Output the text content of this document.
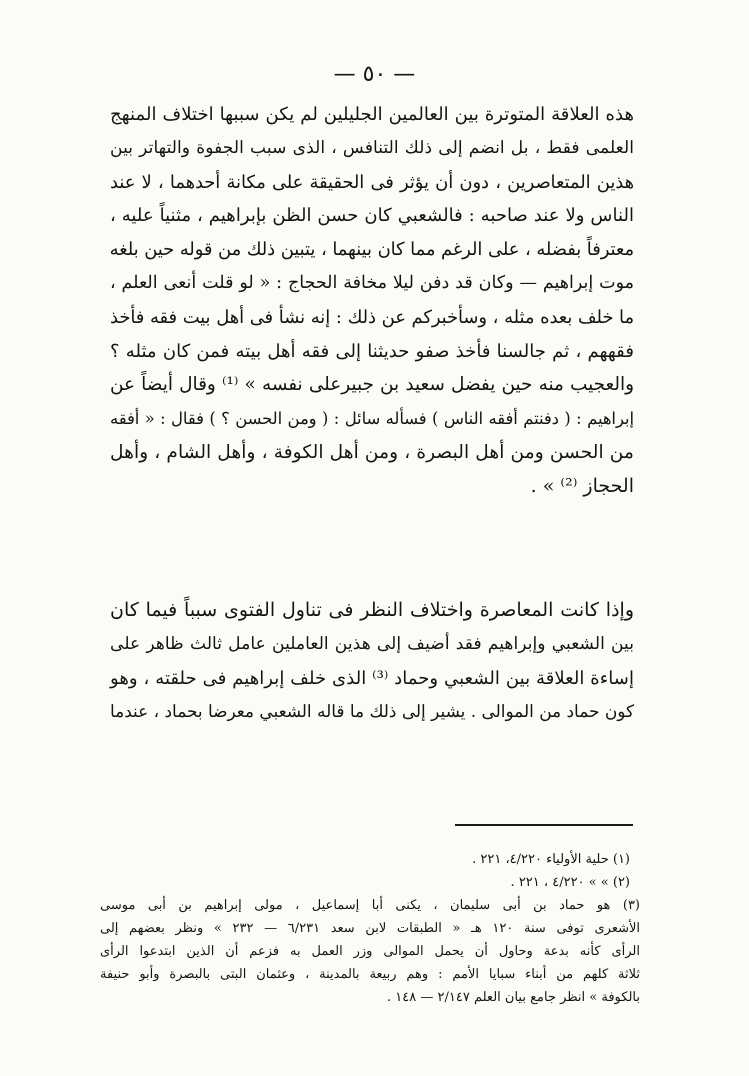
— ٥٠ —

هذه العلاقة المتوترة بين العالمين الجليلين لم يكن سببها اختلاف المنهج
العلمى فقط ، بل انضم إلى ذلك التنافس ، الذى سبب الجفوة والتهاتر بين
هذين المتعاصرين ، دون أن يؤثر فى الحقيقة على مكانة أحدهما ، لا عند
الناس ولا عند صاحبه : فالشعبي كان حسن الظن بإبراهيم ، مثنياً عليه ،
معترفاً بفضله ، على الرغم مما كان بينهما ، يتبين ذلك من قوله حين بلغه
موت إبراهيم — وكان قد دفن ليلا مخافة الحجاج : « لو قلت أنعى العلم ،
ما خلف بعده مثله ، وسأخبركم عن ذلك : إنه نشأ فى أهل بيت فقه فأخذ
فقههم ، ثم جالسنا فأخذ صفو حديثنا إلى فقه أهل بيته فمن كان مثله ؟
والعجيب منه حين يفضل سعيد بن جبيرعلى نفسه » ⁽¹⁾ وقال أيضاً عن
إبراهيم : ( دفنتم أفقه الناس ) فسأله سائل : ( ومن الحسن ؟ ) فقال : « أفقه
من الحسن ومن أهل البصرة ، ومن أهل الكوفة ، وأهل الشام ، وأهل
الحجاز ⁽²⁾ » .

وإذا كانت المعاصرة واختلاف النظر فى تناول الفتوى سبباً فيما كان
بين الشعبي وإبراهيم فقد أضيف إلى هذين العاملين عامل ثالث ظاهر على
إساءة العلاقة بين الشعبي وحماد ⁽³⁾ الذى خلف إبراهيم فى حلقته ، وهو
كون حماد من الموالى . يشير إلى ذلك ما قاله الشعبي معرضا بحماد ، عندما

(١) حلية الأولياء ٤/٢٢٠، ٢٢١ .
(٢) » » ٤/٢٢٠ ، ٢٢١ .
(٣) هو حماد بن أبى سليمان ، يكنى أبا إسماعيل ، مولى إبراهيم بن أبى موسى
الأشعرى توفى سنة ١٢٠ هـ « الطبقات لابن سعد ٦/٢٣١ — ٢٣٢ » ونظر بعضهم إلى
الرأى كأنه بدعة وحاول أن يحمل الموالى وزر العمل به فزعم أن الذين ابتدعوا الرأى
ثلاثة كلهم من أبناء سبايا الأمم : وهم ربيعة بالمدينة ، وعثمان البتى بالبصرة وأبو حنيفة
بالكوفة » انظر جامع بيان العلم ٢/١٤٧ — ١٤٨ .
